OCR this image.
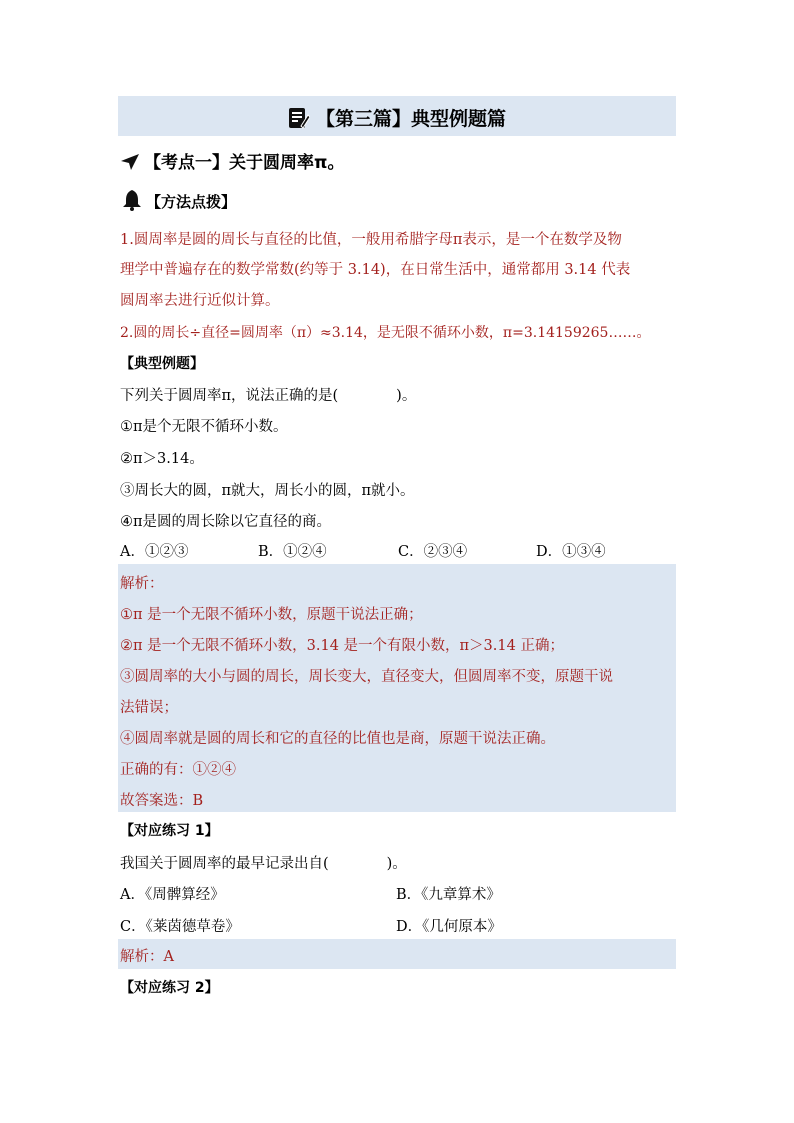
【第三篇】典型例题篇
【考点一】关于圆周率π。
【方法点拨】
1.圆周率是圆的周长与直径的比值，一般用希腊字母π表示，是一个在数学及物
理学中普遍存在的数学常数(约等于 3.14)，在日常生活中，通常都用 3.14 代表
圆周率去进行近似计算。
2.圆的周长÷直径=圆周率（π）≈3.14，是无限不循环小数，π=3.14159265……。
【典型例题】
下列关于圆周率π，说法正确的是(　　　　)。
①π是个无限不循环小数。
②π＞3.14。
③周长大的圆，π就大，周长小的圆，π就小。
④π是圆的周长除以它直径的商。
A．①②③	B．①②④	C．②③④	D．①③④
解析：
①π 是一个无限不循环小数，原题干说法正确；
②π 是一个无限不循环小数，3.14 是一个有限小数，π＞3.14 正确；
③圆周率的大小与圆的周长，周长变大，直径变大，但圆周率不变，原题干说
法错误；
④圆周率就是圆的周长和它的直径的比值也是商，原题干说法正确。
正确的有：①②④
故答案选：B
【对应练习 1】
我国关于圆周率的最早记录出自(　　　　)。
A．《周髀算经》	B．《九章算术》
C．《莱茵德草卷》	D．《几何原本》
解析：A
【对应练习 2】
